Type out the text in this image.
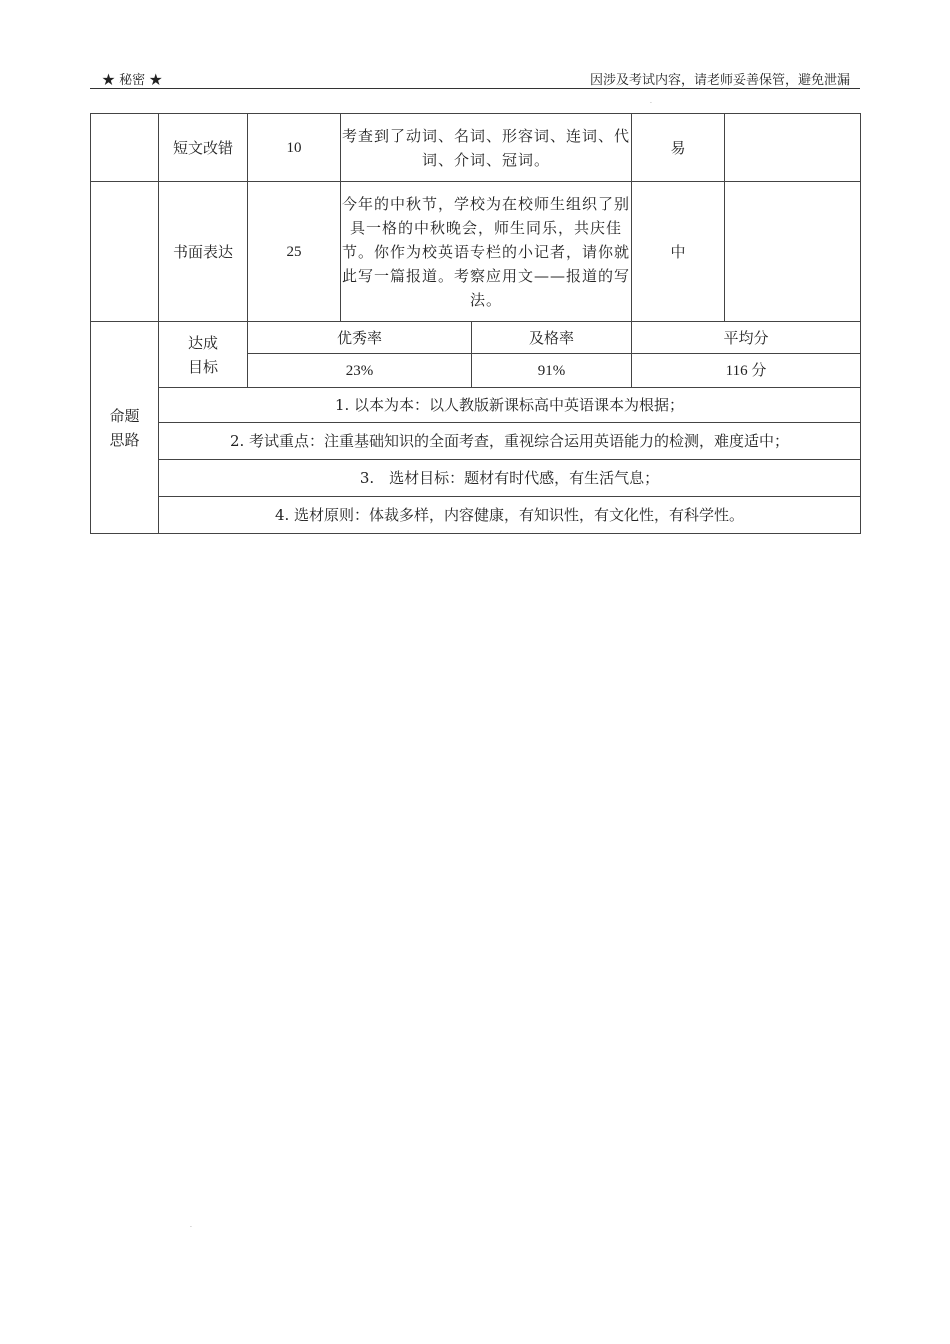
★ 秘密 ★	因涉及考试内容，请老师妥善保管，避免泄漏
.
.
	短文改错	10	考查到了动词、名词、形容词、连词、代词、介词、冠词。		易	
	书面表达	25	今年的中秋节，学校为在校师生组织了别具一格的中秋晚会，师生同乐，共庆佳节。你作为校英语专栏的小记者，请你就此写一篇报道。考察应用文——报道的写法。		中	
命题思路	达成目标	优秀率		及格率	平均分	
		23%		91%	116 分	
	1. 以本为本：以人教版新课标高中英语课本为根据；					
	2. 考试重点：注重基础知识的全面考查，重视综合运用英语能力的检测，难度适中；					
	3.　选材目标：题材有时代感，有生活气息；					
	4. 选材原则：体裁多样，内容健康，有知识性，有文化性，有科学性。					
